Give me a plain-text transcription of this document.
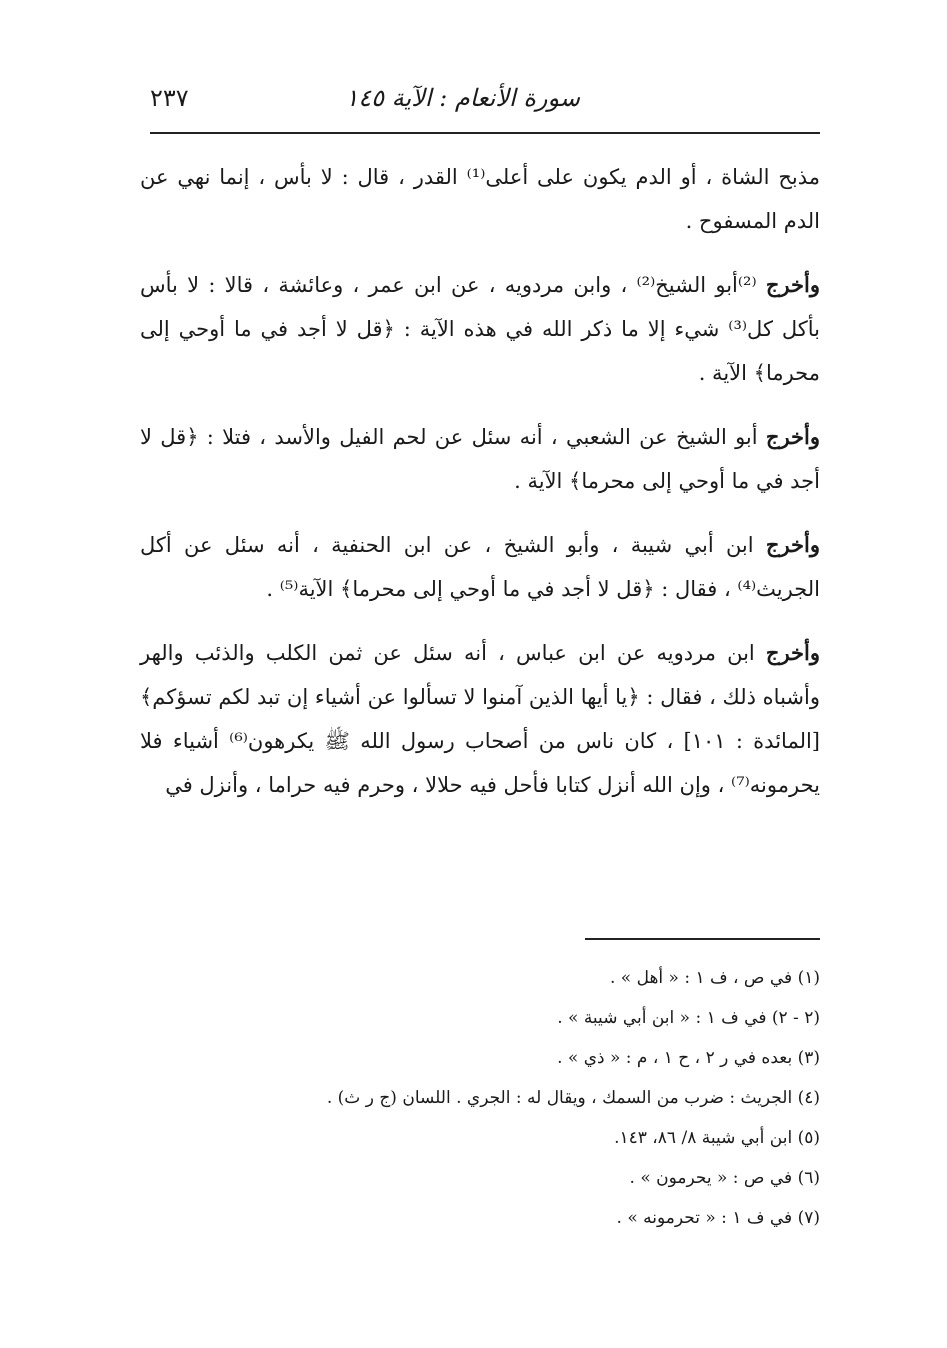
سورة الأنعام : الآية ١٤٥
٢٣٧

مذبح الشاة ، أو الدم يكون على أعلى⁽¹⁾ القدر ، قال : لا بأس ، إنما نهي عن الدم المسفوح .

وأخرج ⁽²⁾أبو الشيخ⁽²⁾ ، وابن مردويه ، عن ابن عمر ، وعائشة ، قالا : لا بأس بأكل كل⁽³⁾ شيء إلا ما ذكر الله في هذه الآية : ﴿قل لا أجد في ما أوحي إلى محرما﴾ الآية .

وأخرج أبو الشيخ عن الشعبي ، أنه سئل عن لحم الفيل والأسد ، فتلا : ﴿قل لا أجد في ما أوحي إلى محرما﴾ الآية .

وأخرج ابن أبي شيبة ، وأبو الشيخ ، عن ابن الحنفية ، أنه سئل عن أكل الجريث⁽⁴⁾ ، فقال : ﴿قل لا أجد في ما أوحي إلى محرما﴾ الآية⁽⁵⁾ .

وأخرج ابن مردويه عن ابن عباس ، أنه سئل عن ثمن الكلب والذئب والهر وأشباه ذلك ، فقال : ﴿يا أيها الذين آمنوا لا تسألوا عن أشياء إن تبد لكم تسؤكم﴾ [المائدة : ١٠١] ، كان ناس من أصحاب رسول الله ﷺ يكرهون⁽⁶⁾ أشياء فلا يحرمونه⁽⁷⁾ ، وإن الله أنزل كتابا فأحل فيه حلالا ، وحرم فيه حراما ، وأنزل في

(١) في ص ، ف ١ : « أهل » .

(٢ - ٢) في ف ١ : « ابن أبي شيبة » .

(٣) بعده في ر ٢ ، ح ١ ، م : « ذي » .

(٤) الجريث : ضرب من السمك ، ويقال له : الجري . اللسان (ج ر ث) .

(٥) ابن أبي شيبة ٨/ ٨٦، ١٤٣.

(٦) في ص : « يحرمون » .

(٧) في ف ١ : « تحرمونه » .
